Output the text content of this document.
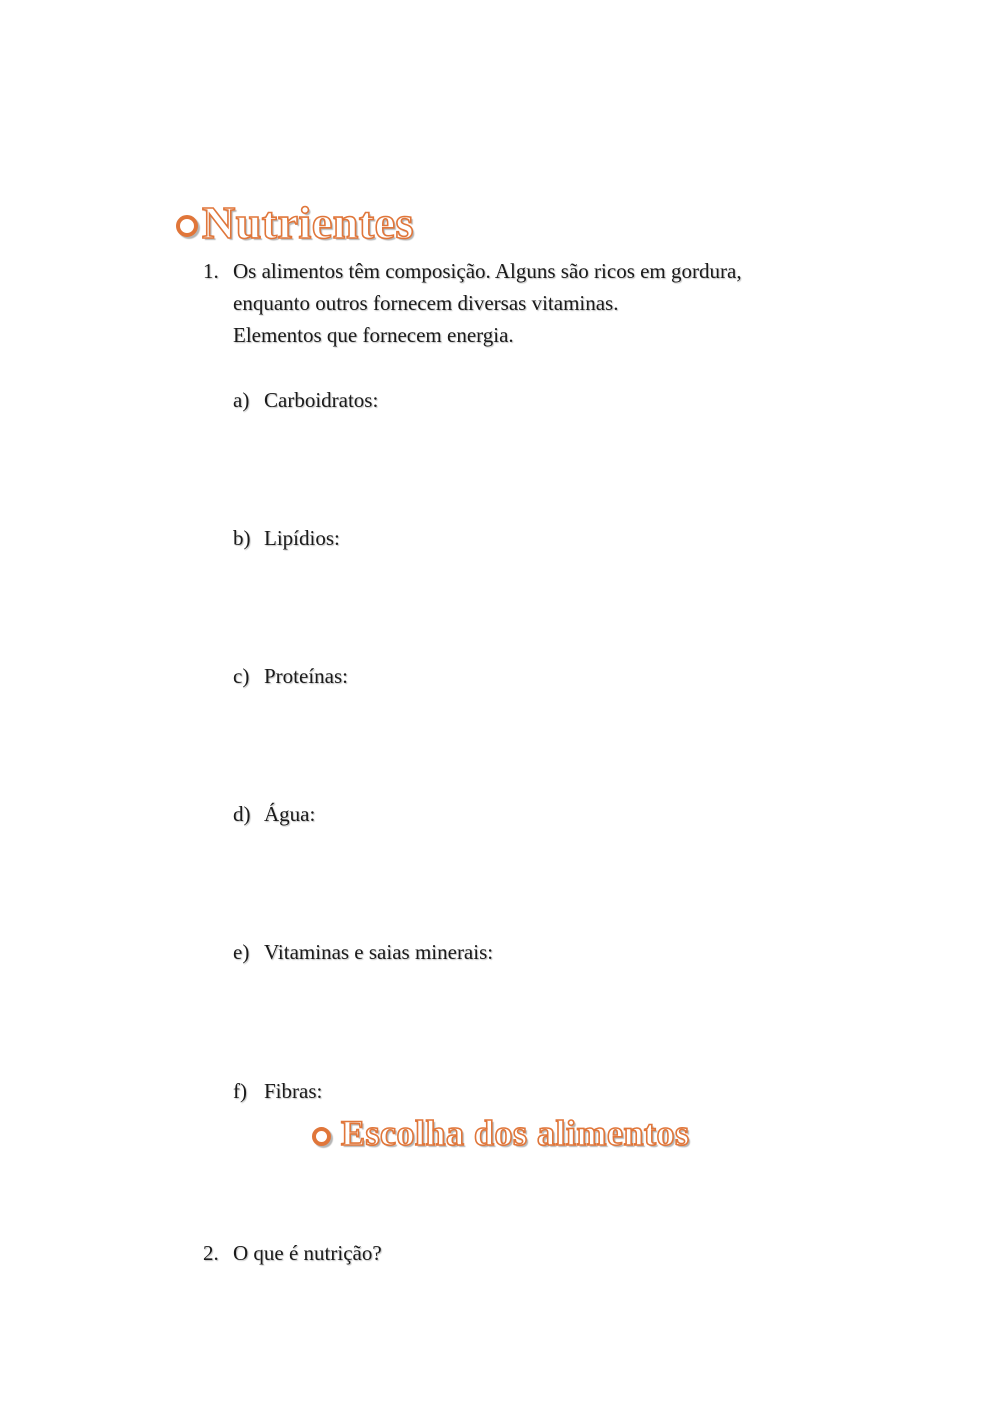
Nutrientes
1. Os alimentos têm composição. Alguns são ricos em gordura,
enquanto outros fornecem diversas vitaminas.
Elementos que fornecem energia.
a) Carboidratos:
b) Lipídios:
c) Proteínas:
d) Água:
e) Vitaminas e saias minerais:
f) Fibras:
Escolha dos alimentos
2. O que é nutrição?
